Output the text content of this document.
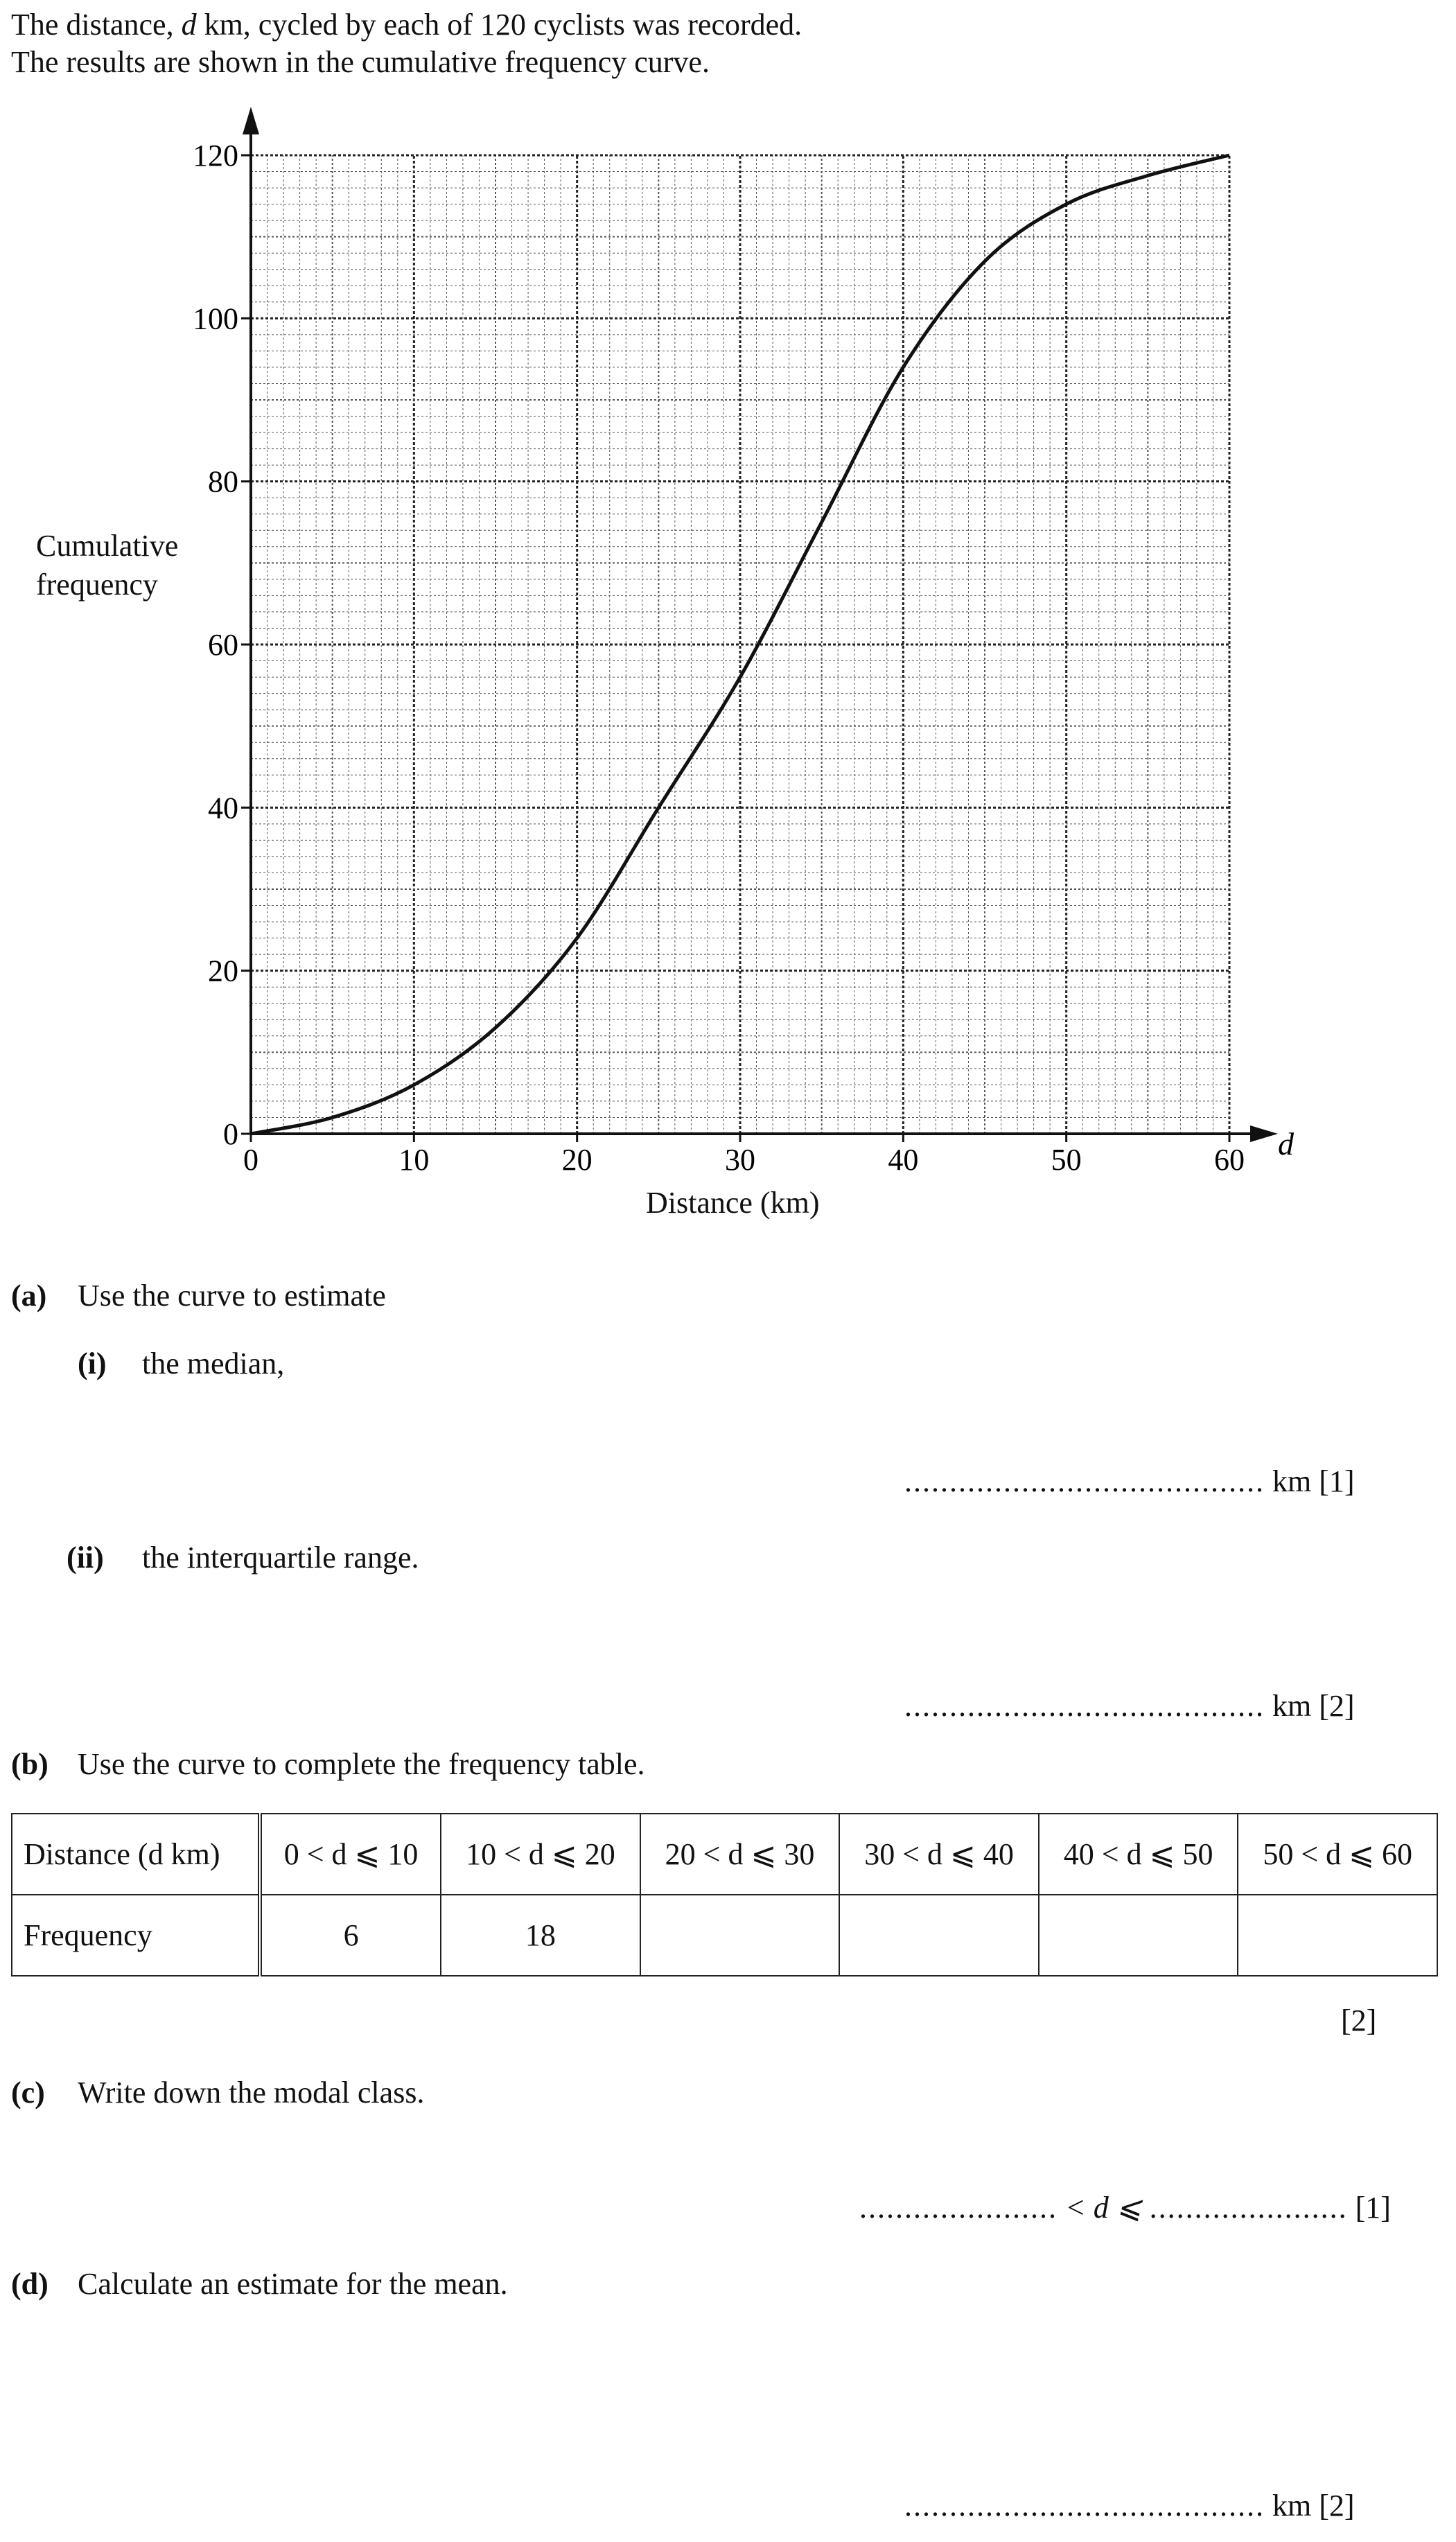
The distance, d km, cycled by each of 120 cyclists was recorded.
The results are shown in the cumulative frequency curve.
d
0	10	20	30	40	50	60
0
20
40
60
80
100
120
Cumulative frequency
Distance (km)
(a) Use the curve to estimate
(i) the median,
........................................ km [1]
(ii) the interquartile range.
........................................ km [2]
(b) Use the curve to complete the frequency table.
Distance (d km)	0 < d ⩽ 10	10 < d ⩽ 20	20 < d ⩽ 30	30 < d ⩽ 40	40 < d ⩽ 50	50 < d ⩽ 60
Frequency	6	18				
[2]
(c) Write down the modal class.
...................... < d ⩽ ...................... [1]
(d) Calculate an estimate for the mean.
........................................ km [2]
